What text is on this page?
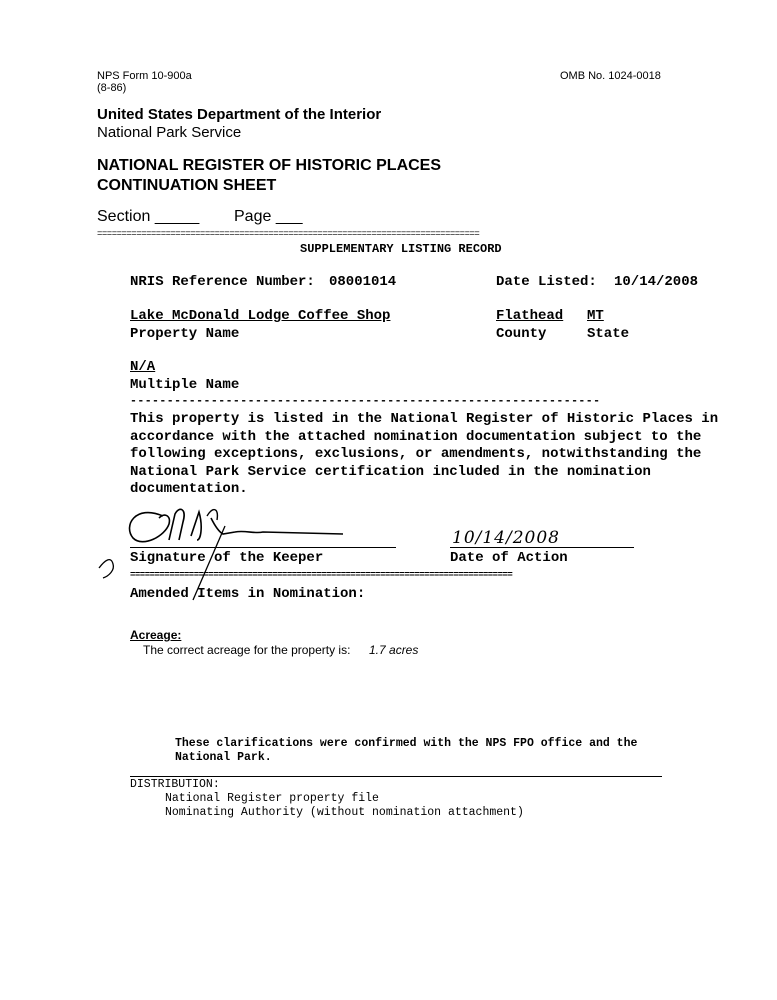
NPS Form 10-900a
(8-86)
OMB No. 1024-0018
United States Department of the Interior
National Park Service
NATIONAL REGISTER OF HISTORIC PLACES
CONTINUATION SHEET
Section _____ Page ___
==============================================================================
SUPPLEMENTARY LISTING RECORD
NRIS Reference Number: 08001014	Date Listed: 10/14/2008
Lake McDonald Lodge Coffee Shop
Property Name
Flathead
County
MT
State
N/A
Multiple Name
----------------------------------------------------------------
This property is listed in the National Register of Historic Places in accordance with the attached nomination documentation subject to the following exceptions, exclusions, or amendments, notwithstanding the National Park Service certification included in the nomination documentation.
Signature of the Keeper
10/14/2008
Date of Action
==============================================================================
Amended Items in Nomination:
Acreage:
The correct acreage for the property is: 1.7 acres
These clarifications were confirmed with the NPS FPO office and the
National Park.
DISTRIBUTION:
National Register property file
Nominating Authority (without nomination attachment)
